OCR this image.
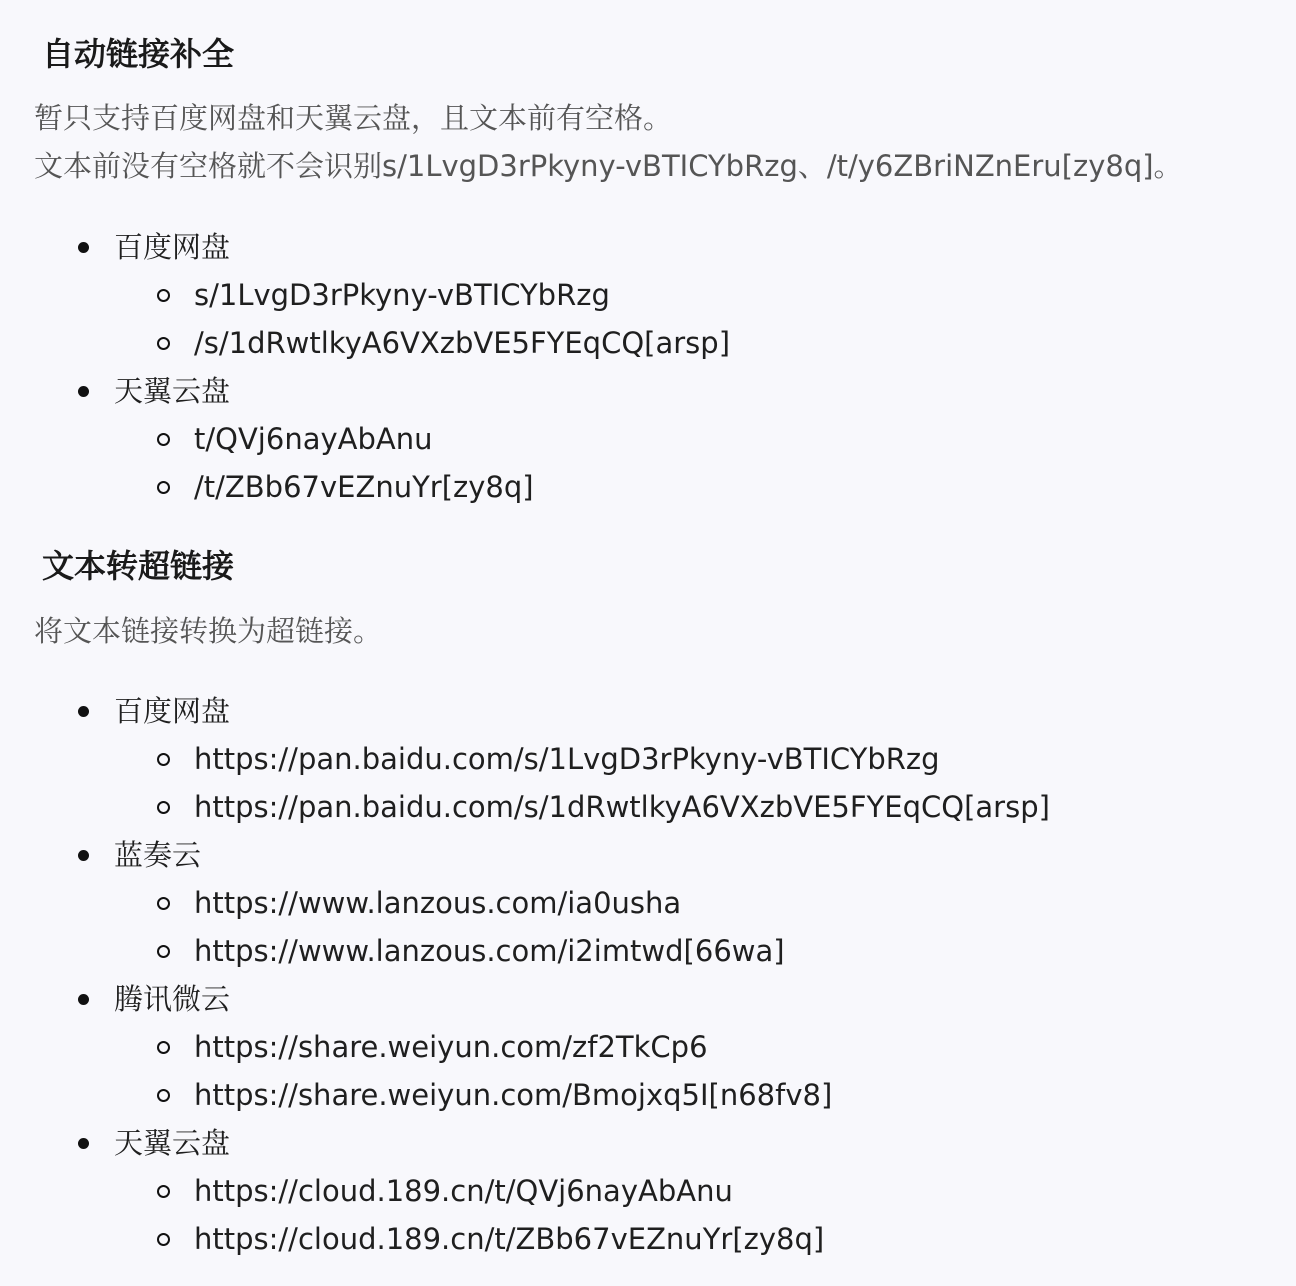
自动链接补全

暂只支持百度网盘和天翼云盘，且文本前有空格。
文本前没有空格就不会识别s/1LvgD3rPkyny-vBTICYbRzg、/t/y6ZBriNZnEru[zy8q]。

百度网盘
s/1LvgD3rPkyny-vBTICYbRzg
/s/1dRwtlkyA6VXzbVE5FYEqCQ[arsp]
天翼云盘
t/QVj6nayAbAnu
/t/ZBb67vEZnuYr[zy8q]
文本转超链接

将文本链接转换为超链接。

百度网盘
https://pan.baidu.com/s/1LvgD3rPkyny-vBTICYbRzg
https://pan.baidu.com/s/1dRwtlkyA6VXzbVE5FYEqCQ[arsp]
蓝奏云
https://www.lanzous.com/ia0usha
https://www.lanzous.com/i2imtwd[66wa]
腾讯微云
https://share.weiyun.com/zf2TkCp6
https://share.weiyun.com/Bmojxq5I[n68fv8]
天翼云盘
https://cloud.189.cn/t/QVj6nayAbAnu
https://cloud.189.cn/t/ZBb67vEZnuYr[zy8q]
